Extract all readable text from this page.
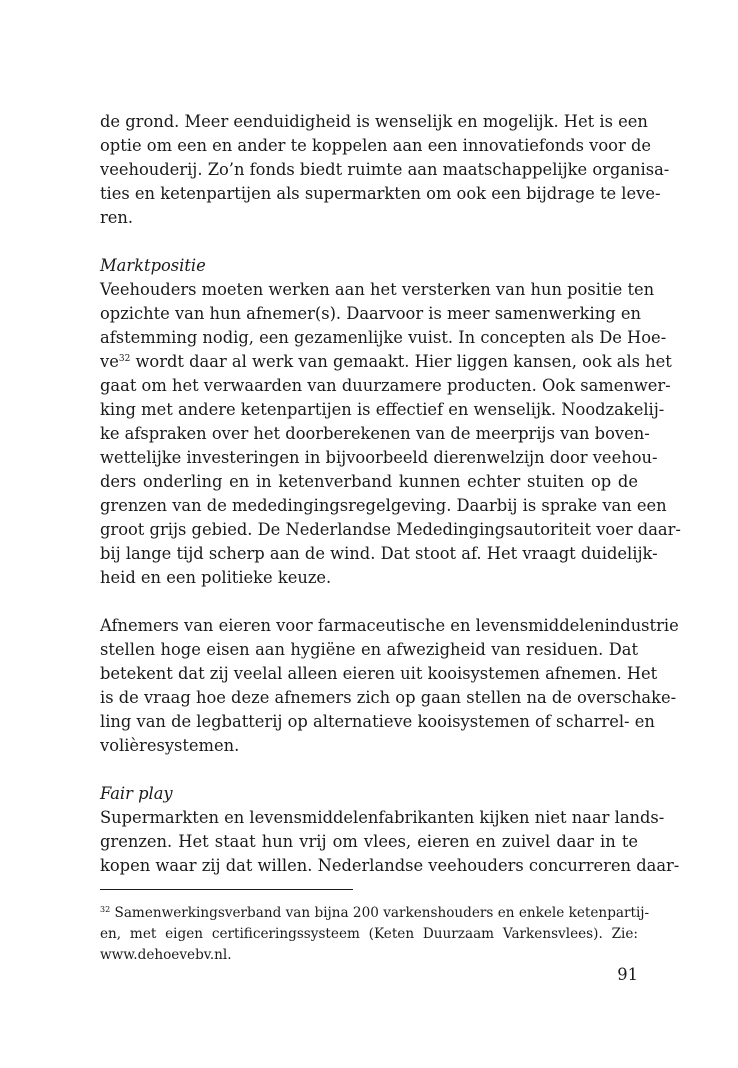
de grond. Meer eenduidigheid is wenselijk en mogelijk. Het is een
optie om een en ander te koppelen aan een innovatiefonds voor de
veehouderij. Zo’n fonds biedt ruimte aan maatschappelijke organisa-
ties en ketenpartijen als supermarkten om ook een bijdrage te leve-
ren.
Marktpositie
Veehouders moeten werken aan het versterken van hun positie ten
opzichte van hun afnemer(s). Daarvoor is meer samenwerking en
afstemming nodig, een gezamenlijke vuist. In concepten als De Hoe-
$ve^{32}$ wordt daar al werk van gemaakt. Hier liggen kansen, ook als het
gaat om het verwaarden van duurzamere producten. Ook samenwer-
king met andere ketenpartijen is effectief en wenselijk. Noodzakelij-
ke afspraken over het doorberekenen van de meerprijs van boven-
wettelijke investeringen in bijvoorbeeld dierenwelzijn door veehou-
ders onderling en in ketenverband kunnen echter stuiten op de
grenzen van de mededingingsregelgeving. Daarbij is sprake van een
groot grijs gebied. De Nederlandse Mededingingsautoriteit voer daar-
bij lange tijd scherp aan de wind. Dat stoot af. Het vraagt duidelijk-
heid en een politieke keuze.
Afnemers van eieren voor farmaceutische en levensmiddelenindustrie
stellen hoge eisen aan hygiëne en afwezigheid van residuen. Dat
betekent dat zij veelal alleen eieren uit kooisystemen afnemen. Het
is de vraag hoe deze afnemers zich op gaan stellen na de overschake-
ling van de legbatterij op alternatieve kooisystemen of scharrel- en
volièresystemen.
Fair play
Supermarkten en levensmiddelenfabrikanten kijken niet naar lands-
grenzen. Het staat hun vrij om vlees, eieren en zuivel daar in te
kopen waar zij dat willen. Nederlandse veehouders concurreren daar-
$^{32}$ Samenwerkingsverband van bijna 200 varkenshouders en enkele ketenpartij-
en, met eigen certificeringssysteem (Keten Duurzaam Varkensvlees). Zie:
www.dehoevebv.nl.
91
